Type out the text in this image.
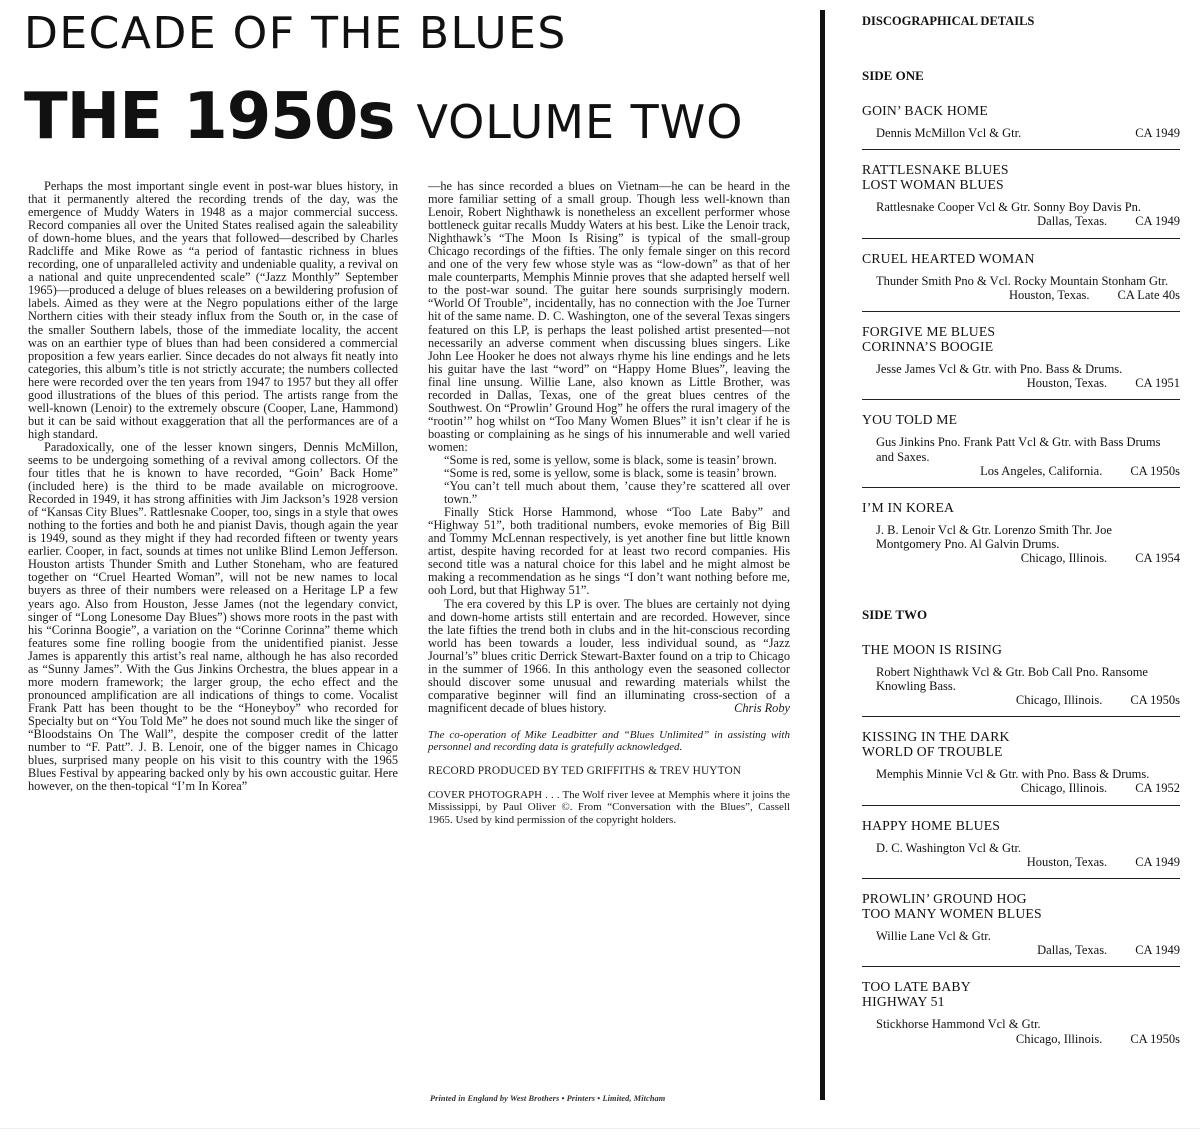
DECADE OF THE BLUES
THE 1950s VOLUME TWO

Perhaps the most important single event in post-war blues history, in that it permanently altered the recording trends of the day, was the emergence of Muddy Waters in 1948 as a major commercial success. Record companies all over the United States realised again the saleability of down-home blues, and the years that followed—described by Charles Radcliffe and Mike Rowe as “a period of fantastic richness in blues recording, one of unparalleled activity and undeniable quality, a revival on a national and quite unprecendented scale” (“Jazz Monthly” September 1965)—produced a deluge of blues releases on a bewildering profusion of labels. Aimed as they were at the Negro populations either of the large Northern cities with their steady influx from the South or, in the case of the smaller Southern labels, those of the immediate locality, the accent was on an earthier type of blues than had been considered a commercial proposition a few years earlier. Since decades do not always fit neatly into categories, this album’s title is not strictly accurate; the numbers collected here were recorded over the ten years from 1947 to 1957 but they all offer good illustrations of the blues of this period. The artists range from the well-known (Lenoir) to the extremely obscure (Cooper, Lane, Hammond) but it can be said without exaggeration that all the performances are of a high standard.

Paradoxically, one of the lesser known singers, Dennis McMillon, seems to be undergoing something of a revival among collectors. Of the four titles that he is known to have recorded, “Goin’ Back Home” (included here) is the third to be made available on microgroove. Recorded in 1949, it has strong affinities with Jim Jackson’s 1928 version of “Kansas City Blues”. Rattlesnake Cooper, too, sings in a style that owes nothing to the forties and both he and pianist Davis, though again the year is 1949, sound as they might if they had recorded fifteen or twenty years earlier. Cooper, in fact, sounds at times not unlike Blind Lemon Jefferson. Houston artists Thunder Smith and Luther Stoneham, who are featured together on “Cruel Hearted Woman”, will not be new names to local buyers as three of their numbers were released on a Heritage LP a few years ago. Also from Houston, Jesse James (not the legendary convict, singer of “Long Lonesome Day Blues”) shows more roots in the past with his “Corinna Boogie”, a variation on the “Corinne Corinna” theme which features some fine rolling boogie from the unidentified pianist. Jesse James is apparently this artist’s real name, although he has also recorded as “Sunny James”. With the Gus Jinkins Orchestra, the blues appear in a more modern framework; the larger group, the echo effect and the pronounced amplification are all indications of things to come. Vocalist Frank Patt has been thought to be the “Honeyboy” who recorded for Specialty but on “You Told Me” he does not sound much like the singer of “Bloodstains On The Wall”, despite the composer credit of the latter number to “F. Patt”. J. B. Lenoir, one of the bigger names in Chicago blues, surprised many people on his visit to this country with the 1965 Blues Festival by appearing backed only by his own accoustic guitar. Here however, on the then-topical “I’m In Korea”

—he has since recorded a blues on Vietnam—he can be heard in the more familiar setting of a small group. Though less well-known than Lenoir, Robert Nighthawk is nonetheless an excellent performer whose bottleneck guitar recalls Muddy Waters at his best. Like the Lenoir track, Nighthawk’s “The Moon Is Rising” is typical of the small-group Chicago recordings of the fifties. The only female singer on this record and one of the very few whose style was as “low-down” as that of her male counterparts, Memphis Minnie proves that she adapted herself well to the post-war sound. The guitar here sounds surprisingly modern. “World Of Trouble”, incidentally, has no connection with the Joe Turner hit of the same name. D. C. Washington, one of the several Texas singers featured on this LP, is perhaps the least polished artist presented—not necessarily an adverse comment when discussing blues singers. Like John Lee Hooker he does not always rhyme his line endings and he lets his guitar have the last “word” on “Happy Home Blues”, leaving the final line unsung. Willie Lane, also known as Little Brother, was recorded in Dallas, Texas, one of the great blues centres of the Southwest. On “Prowlin’ Ground Hog” he offers the rural imagery of the “rootin’” hog whilst on “Too Many Women Blues” it isn’t clear if he is boasting or complaining as he sings of his innumerable and well varied women:

“Some is red, some is yellow, some is black, some is teasin’ brown.

“Some is red, some is yellow, some is black, some is teasin’ brown.

“You can’t tell much about them, ’cause they’re scattered all over town.”

Finally Stick Horse Hammond, whose “Too Late Baby” and “Highway 51”, both traditional numbers, evoke memories of Big Bill and Tommy McLennan respectively, is yet another fine but little known artist, despite having recorded for at least two record companies. His second title was a natural choice for this label and he might almost be making a recommendation as he sings “I don’t want nothing before me, ooh Lord, but that Highway 51”.

The era covered by this LP is over. The blues are certainly not dying and down-home artists still entertain and are recorded. However, since the late fifties the trend both in clubs and in the hit-conscious recording world has been towards a louder, less individual sound, as “Jazz Journal’s” blues critic Derrick Stewart-Baxter found on a trip to Chicago in the summer of 1966. In this anthology even the seasoned collector should discover some unusual and rewarding materials whilst the comparative beginner will find an illuminating cross-section of a magnificent decade of blues history.	Chris Roby

The co-operation of Mike Leadbitter and “Blues Unlimited” in assisting with personnel and recording data is gratefully acknowledged.

RECORD PRODUCED BY TED GRIFFITHS & TREV HUYTON

COVER PHOTOGRAPH . . . The Wolf river levee at Memphis where it joins the Mississippi, by Paul Oliver ©. From “Conversation with the Blues”, Cassell 1965. Used by kind permission of the copyright holders.

Printed in England by West Brothers • Printers • Limited, Mitcham
DISCOGRAPHICAL DETAILS
SIDE ONE
GOIN’ BACK HOME
Dennis McMillon Vcl & Gtr.	CA 1949
RATTLESNAKE BLUES
LOST WOMAN BLUES
Rattlesnake Cooper Vcl & Gtr. Sonny Boy Davis Pn.
Dallas, Texas. CA 1949
CRUEL HEARTED WOMAN
Thunder Smith Pno & Vcl. Rocky Mountain Stonham Gtr.
Houston, Texas. CA Late 40s
FORGIVE ME BLUES
CORINNA’S BOOGIE
Jesse James Vcl & Gtr. with Pno. Bass & Drums.
Houston, Texas. CA 1951
YOU TOLD ME
Gus Jinkins Pno. Frank Patt Vcl & Gtr. with Bass Drums and Saxes.
Los Angeles, California. CA 1950s
I’M IN KOREA
J. B. Lenoir Vcl & Gtr. Lorenzo Smith Thr. Joe Montgomery Pno. Al Galvin Drums.
Chicago, Illinois. CA 1954
SIDE TWO
THE MOON IS RISING
Robert Nighthawk Vcl & Gtr. Bob Call Pno. Ransome Knowling Bass.
Chicago, Illinois. CA 1950s
KISSING IN THE DARK
WORLD OF TROUBLE
Memphis Minnie Vcl & Gtr. with Pno. Bass & Drums.
Chicago, Illinois. CA 1952
HAPPY HOME BLUES
D. C. Washington Vcl & Gtr.
Houston, Texas. CA 1949
PROWLIN’ GROUND HOG
TOO MANY WOMEN BLUES
Willie Lane Vcl & Gtr.
Dallas, Texas. CA 1949
TOO LATE BABY
HIGHWAY 51
Stickhorse Hammond Vcl & Gtr.
Chicago, Illinois. CA 1950s
